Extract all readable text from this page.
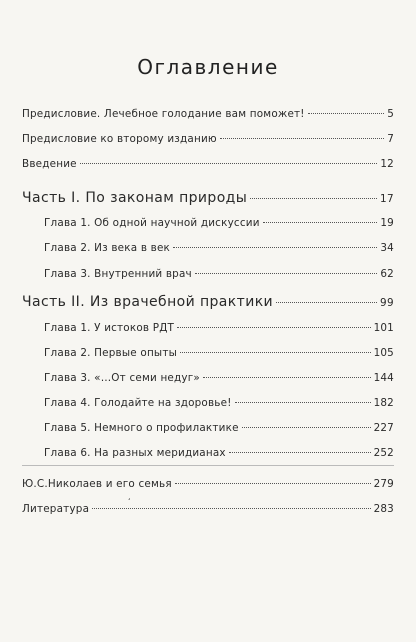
Оглавление
Предисловие. Лечебное голодание вам поможет!	5
Предисловие ко второму изданию	7
Введение	12
Часть I. По законам природы	17
Глава 1. Об одной научной дискуссии	19
Глава 2. Из века в век	34
Глава 3. Внутренний врач	62
Часть II. Из врачебной практики	99
Глава 1. У истоков РДТ	101
Глава 2. Первые опыты	105
Глава 3. «…От семи недуг»	144
Глава 4. Голодайте на здоровье!	182
Глава 5. Немного о профилактике	227
Глава 6. На разных меридианах	252
Ю.С.Николаев и его семья	279
Литература	283
ʻ
